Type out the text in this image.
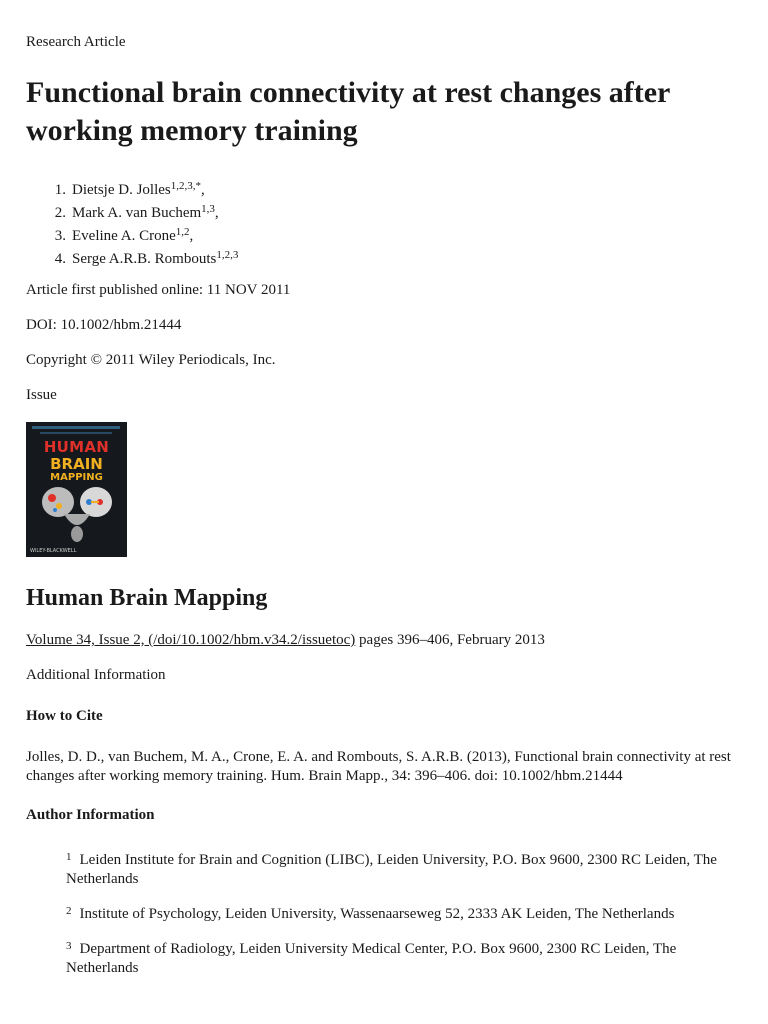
Research Article
Functional brain connectivity at rest changes after working memory training
1. Dietsje D. Jolles$^{1,2,3,*}$,
2. Mark A. van Buchem$^{1,3}$,
3. Eveline A. Crone$^{1,2}$,
4. Serge A.R.B. Rombouts$^{1,2,3}$
Article first published online: 11 NOV 2011
DOI: 10.1002/hbm.21444
Copyright © 2011 Wiley Periodicals, Inc.
Issue
HUMAN
BRAIN
MAPPING
WILEY-BLACKWELL
Human Brain Mapping
Volume 34, Issue 2, (/doi/10.1002/hbm.v34.2/issuetoc) pages 396–406, February 2013
Additional Information
How to Cite
Jolles, D. D., van Buchem, M. A., Crone, E. A. and Rombouts, S. A.R.B. (2013), Functional brain connectivity at rest changes after working memory training. Hum. Brain Mapp., 34: 396–406. doi: 10.1002/hbm.21444
Author Information
$^1$ Leiden Institute for Brain and Cognition (LIBC), Leiden University, P.O. Box 9600, 2300 RC Leiden, The Netherlands
$^2$ Institute of Psychology, Leiden University, Wassenaarseweg 52, 2333 AK Leiden, The Netherlands
$^3$ Department of Radiology, Leiden University Medical Center, P.O. Box 9600, 2300 RC Leiden, The Netherlands
